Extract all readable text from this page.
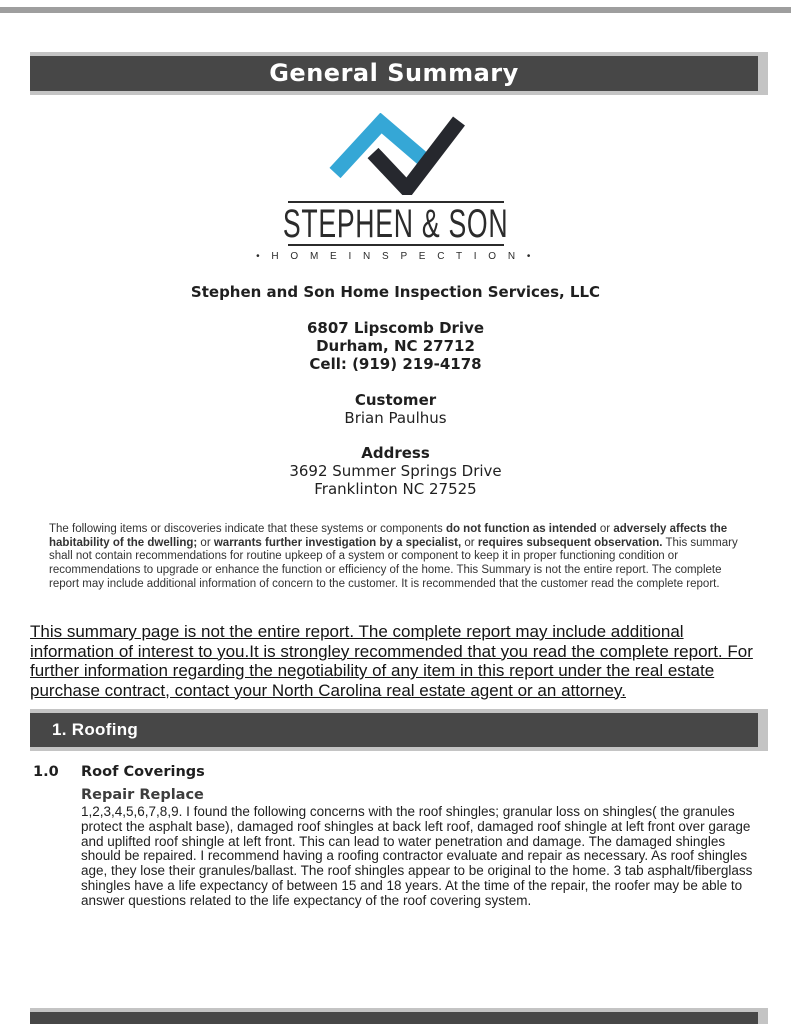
General Summary
STEPHEN & SON
• H O M E I N S P E C T I O N •
Stephen and Son Home Inspection Services, LLC
6807 Lipscomb Drive
Durham, NC 27712
Cell: (919) 219-4178
Customer
Brian Paulhus
Address
3692 Summer Springs Drive
Franklinton NC 27525
The following items or discoveries indicate that these systems or components do not function as intended or adversely affects the habitability of the dwelling; or warrants further investigation by a specialist, or requires subsequent observation. This summary shall not contain recommendations for routine upkeep of a system or component to keep it in proper functioning condition or recommendations to upgrade or enhance the function or efficiency of the home. This Summary is not the entire report. The complete report may include additional information of concern to the customer. It is recommended that the customer read the complete report.
This summary page is not the entire report. The complete report may include additional information of interest to you.It is strongley recommended that you read the complete report. For further information regarding the negotiability of any item in this report under the real estate purchase contract, contact your North Carolina real estate agent or an attorney.
1. Roofing
1.0 Roof Coverings
Repair Replace
1,2,3,4,5,6,7,8,9. I found the following concerns with the roof shingles; granular loss on shingles( the granules protect the asphalt base), damaged roof shingles at back left roof, damaged roof shingle at left front over garage and uplifted roof shingle at left front. This can lead to water penetration and damage. The damaged shingles should be repaired. I recommend having a roofing contractor evaluate and repair as necessary. As roof shingles age, they lose their granules/ballast. The roof shingles appear to be original to the home. 3 tab asphalt/fiberglass shingles have a life expectancy of between 15 and 18 years. At the time of the repair, the roofer may be able to answer questions related to the life expectancy of the roof covering system.
